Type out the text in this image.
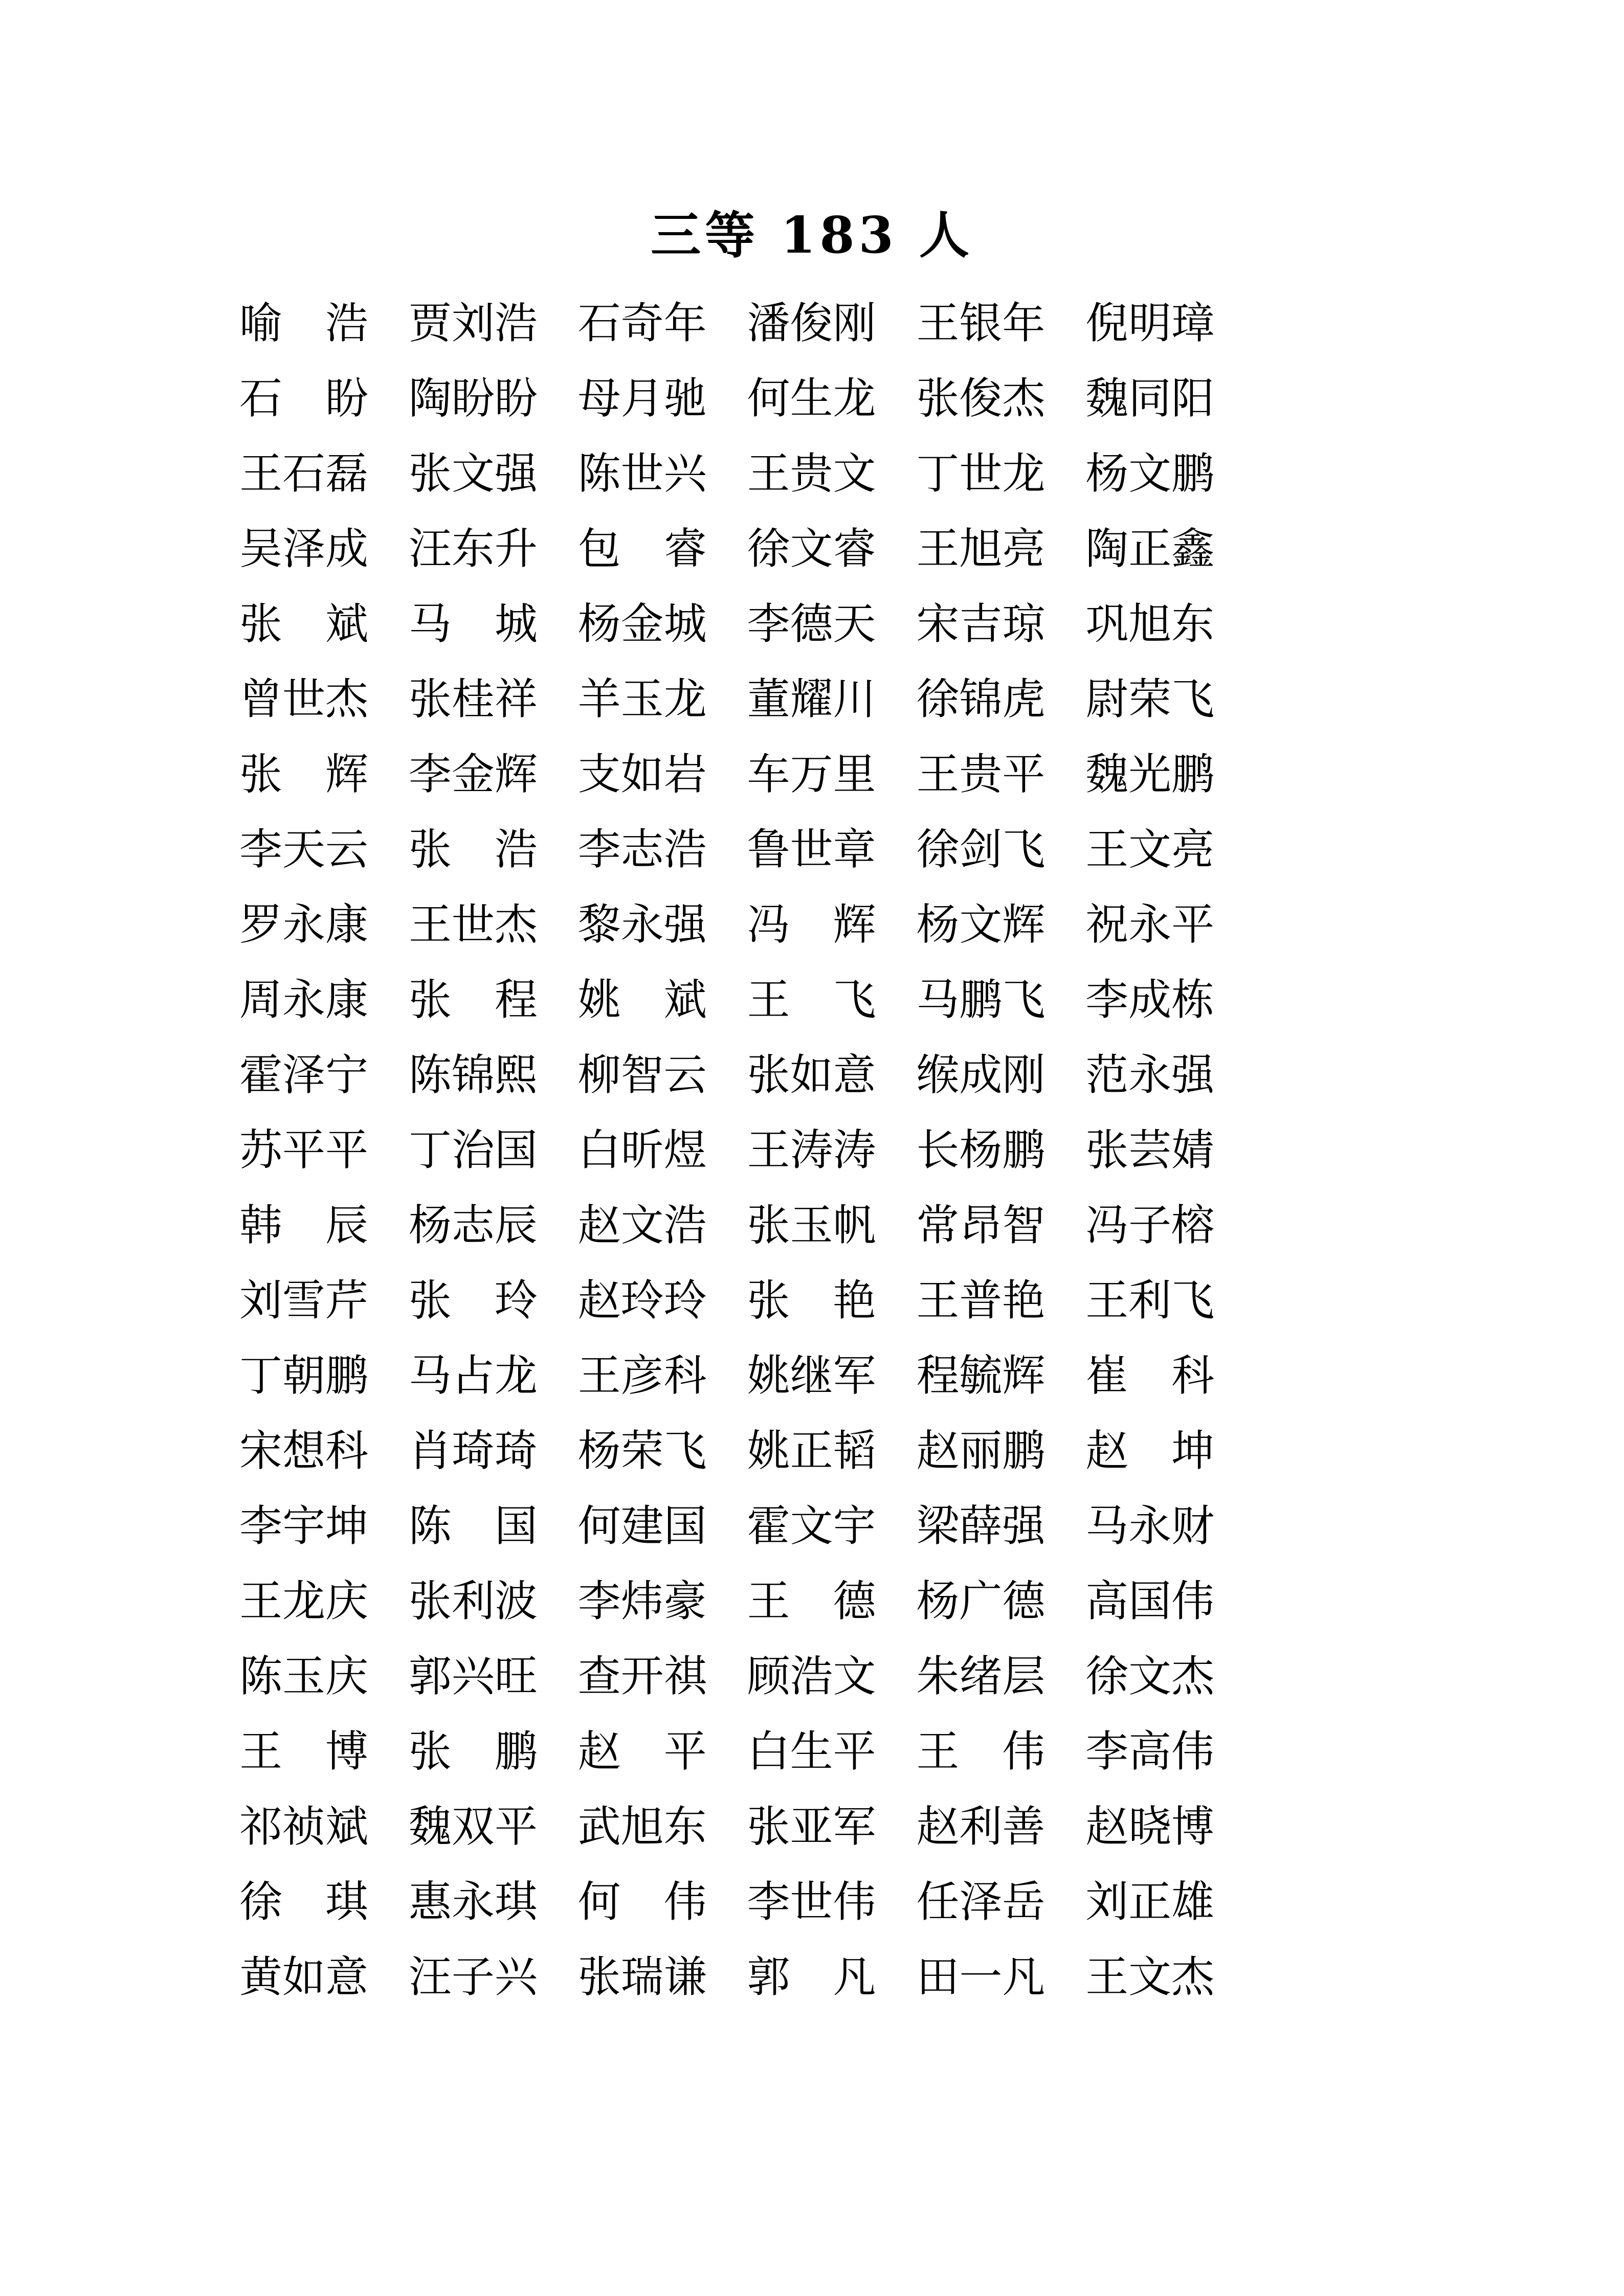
三等 183 人
喻　浩 贾刘浩 石奇年 潘俊刚 王银年 倪明璋
石　盼 陶盼盼 母月驰 何生龙 张俊杰 魏同阳
王石磊 张文强 陈世兴 王贵文 丁世龙 杨文鹏
吴泽成 汪东升 包　睿 徐文睿 王旭亮 陶正鑫
张　斌 马　城 杨金城 李德天 宋吉琼 巩旭东
曾世杰 张桂祥 羊玉龙 董耀川 徐锦虎 尉荣飞
张　辉 李金辉 支如岩 车万里 王贵平 魏光鹏
李天云 张　浩 李志浩 鲁世章 徐剑飞 王文亮
罗永康 王世杰 黎永强 冯　辉 杨文辉 祝永平
周永康 张　程 姚　斌 王　飞 马鹏飞 李成栋
霍泽宁 陈锦熙 柳智云 张如意 缑成刚 范永强
苏平平 丁治国 白昕煜 王涛涛 长杨鹏 张芸婧
韩　辰 杨志辰 赵文浩 张玉帆 常昂智 冯子榕
刘雪芹 张　玲 赵玲玲 张　艳 王普艳 王利飞
丁朝鹏 马占龙 王彦科 姚继军 程毓辉 崔　科
宋想科 肖琦琦 杨荣飞 姚正韬 赵丽鹏 赵　坤
李宇坤 陈　国 何建国 霍文宇 梁薛强 马永财
王龙庆 张利波 李炜豪 王　德 杨广德 高国伟
陈玉庆 郭兴旺 查开祺 顾浩文 朱绪层 徐文杰
王　博 张　鹏 赵　平 白生平 王　伟 李高伟
祁祯斌 魏双平 武旭东 张亚军 赵利善 赵晓博
徐　琪 惠永琪 何　伟 李世伟 任泽岳 刘正雄
黄如意 汪子兴 张瑞谦 郭　凡 田一凡 王文杰
